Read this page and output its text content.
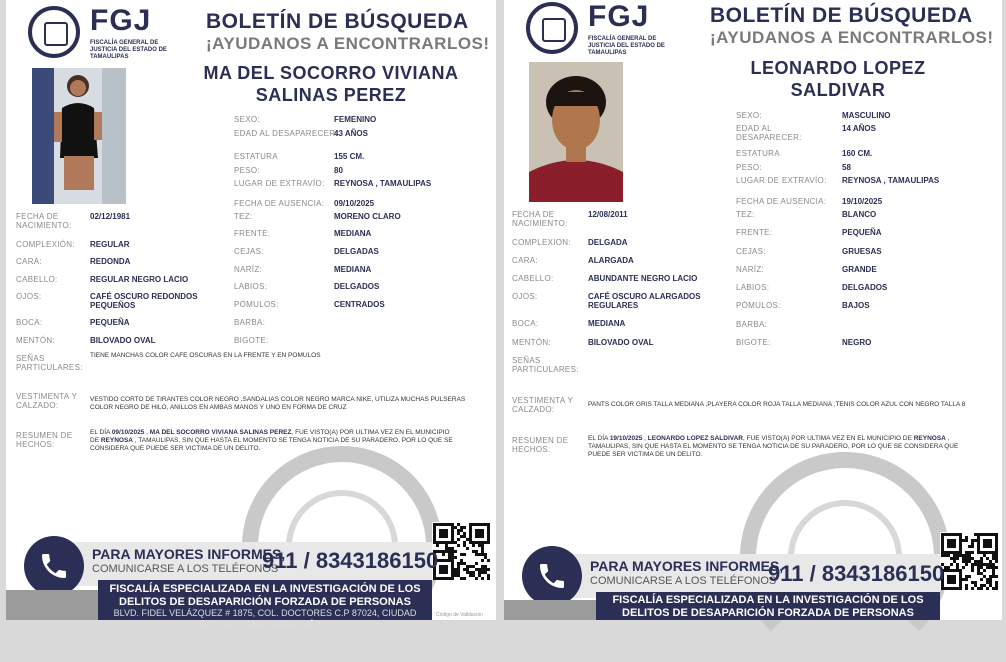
FGJ
FISCALÍA GENERAL DE JUSTICIA DEL ESTADO DE TAMAULIPAS
BOLETÍN DE BÚSQUEDA
¡AYUDANOS A ENCONTRARLOS!
MA DEL SOCORRO VIVIANA SALINAS PEREZ
SEXO:	FEMENINO
EDAD AL DESAPARECER:
43 AÑOS
ESTATURA	155 CM.
PESO:	80
LUGAR DE EXTRAVÍO: REYNOSA , TAMAULIPAS
FECHA DE AUSENCIA: 09/10/2025
FECHA DE
NACIMIENTO:
02/12/1981	TEZ:	MORENO CLARO
COMPLEXIÓN: REGULAR
FRENTE:	MEDIANA
CARA:	REDONDA
CEJAS:	DELGADAS
CABELLO:	REGULAR NEGRO LACIO
NARÍZ:	MEDIANA
OJOS:	CAFÉ OSCURO REDONDOS PEQUEÑOS
LABIOS:	DELGADOS
PÓMULOS:	CENTRADOS
BOCA:	PEQUEÑA	BARBA:
MENTÓN:	BILOVADO OVAL	BIGOTE:
SEÑAS
PARTICULARES:
TIENE MANCHAS COLOR CAFE OSCURAS EN LA FRENTE Y EN POMULOS
VESTIMENTA Y
CALZADO:
VESTIDO CORTO DE TIRANTES COLOR NEGRO ,SANDALIAS COLOR NEGRO MARCA NIKE, UTILIZA MUCHAS PULSERAS COLOR NEGRO DE HILO, ANILLOS EN AMBAS MANOS Y UNO EN FORMA DE CRUZ
RESUMEN DE
HECHOS:
EL DÍA 09/10/2025 , MA DEL SOCORRO VIVIANA SALINAS PEREZ, FUE VISTO(A) POR ULTIMA VEZ EN EL MUNICIPIO DE REYNOSA , TAMAULIPAS, SIN QUE HASTA EL MOMENTO SE TENGA NOTICIA DE SU PARADERO, POR LO QUE SE CONSIDERA QUE PUEDE SER VICTIMA DE UN DELITO.
Código de Validación
PARA MAYORES INFORMES,
COMUNICARSE A LOS TELÉFONOS
911 / 8343186150
FISCALÍA ESPECIALIZADA EN LA INVESTIGACIÓN DE LOS DELITOS DE DESAPARICIÓN FORZADA DE PERSONAS
BLVD. FIDEL VELÁZQUEZ # 1875, COL. DOCTORES C.P 87024, CIUDAD VICTORIA, TAMAULIPAS, MÉXICO
FGJ
FISCALÍA GENERAL DE JUSTICIA DEL ESTADO DE TAMAULIPAS
BOLETÍN DE BÚSQUEDA
¡AYUDANOS A ENCONTRARLOS!
LEONARDO LOPEZ SALDIVAR
SEXO:	MASCULINO
EDAD AL
DESAPARECER:
14 AÑOS
ESTATURA	160 CM.
PESO:	58
LUGAR DE EXTRAVÍO: REYNOSA , TAMAULIPAS
FECHA DE AUSENCIA: 19/10/2025
FECHA DE
NACIMIENTO:
12/08/2011	TEZ:	BLANCO
COMPLEXION: DELGADA
FRENTE:	PEQUEÑA
CARA:	ALARGADA
CEJAS:	GRUESAS
CABELLO:	ABUNDANTE NEGRO LACIO
NARÍZ:	GRANDE
OJOS:	CAFÉ OSCURO ALARGADOS REGULARES
LABIOS:	DELGADOS
PÓMULOS:	BAJOS
BOCA:	MEDIANA	BARBA:
MENTÓN:	BILOVADO OVAL	BIGOTE:	NEGRO
SEÑAS
PARTICULARES:
VESTIMENTA Y
CALZADO:
PANTS COLOR GRIS TALLA MEDIANA ,PLAYERA COLOR ROJA TALLA MEDIANA ,TENIS COLOR AZUL CON NEGRO TALLA 8
RESUMEN DE
HECHOS:
EL DÍA 19/10/2025 , LEONARDO LOPEZ SALDIVAR, FUE VISTO(A) POR ULTIMA VEZ EN EL MUNICIPIO DE REYNOSA , TAMAULIPAS, SIN QUE HASTA EL MOMENTO SE TENGA NOTICIA DE SU PARADERO, POR LO QUE SE CONSIDERA QUE PUEDE SER VICTIMA DE UN DELITO.
PARA MAYORES INFORMES,
COMUNICARSE A LOS TELÉFONOS
911 / 8343186150
FISCALÍA ESPECIALIZADA EN LA INVESTIGACIÓN DE LOS DELITOS DE DESAPARICIÓN FORZADA DE PERSONAS
